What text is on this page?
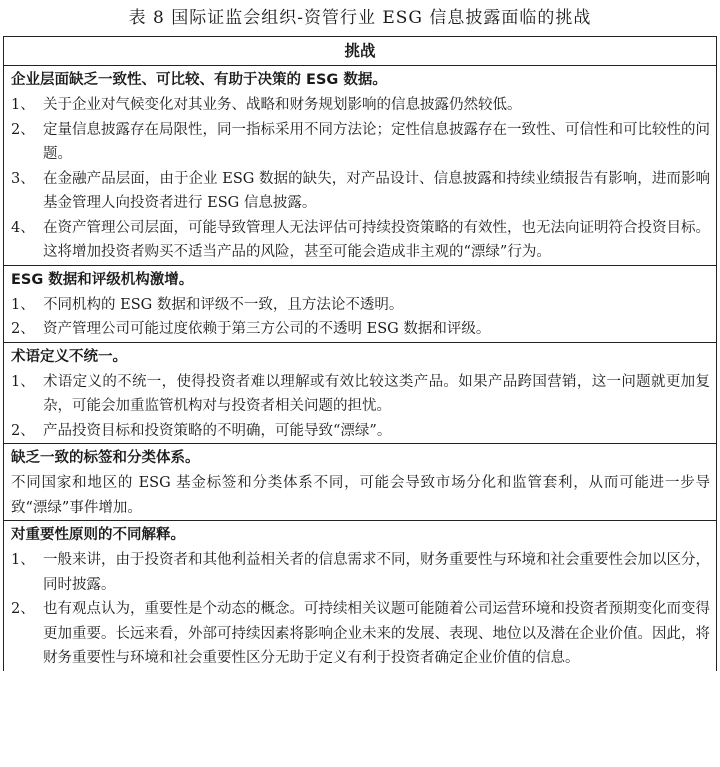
表 8 国际证监会组织-资管行业 ESG 信息披露面临的挑战
挑战
企业层面缺乏一致性、可比较、有助于决策的 ESG 数据。
1、 关于企业对气候变化对其业务、战略和财务规划影响的信息披露仍然较低。
2、 定量信息披露存在局限性，同一指标采用不同方法论；定性信息披露存在一致性、可信性和可比较性的问题。
3、 在金融产品层面，由于企业 ESG 数据的缺失，对产品设计、信息披露和持续业绩报告有影响，进而影响基金管理人向投资者进行 ESG 信息披露。
4、 在资产管理公司层面，可能导致管理人无法评估可持续投资策略的有效性，也无法向证明符合投资目标。这将增加投资者购买不适当产品的风险，甚至可能会造成非主观的“漂绿”行为。
ESG 数据和评级机构激增。
1、 不同机构的 ESG 数据和评级不一致，且方法论不透明。
2、 资产管理公司可能过度依赖于第三方公司的不透明 ESG 数据和评级。
术语定义不统一。
1、 术语定义的不统一，使得投资者难以理解或有效比较这类产品。如果产品跨国营销，这一问题就更加复杂，可能会加重监管机构对与投资者相关问题的担忧。
2、 产品投资目标和投资策略的不明确，可能导致“漂绿”。
缺乏一致的标签和分类体系。
不同国家和地区的 ESG 基金标签和分类体系不同，可能会导致市场分化和监管套利，从而可能进一步导致“漂绿”事件增加。
对重要性原则的不同解释。
1、 一般来讲，由于投资者和其他利益相关者的信息需求不同，财务重要性与环境和社会重要性会加以区分，同时披露。
2、 也有观点认为，重要性是个动态的概念。可持续相关议题可能随着公司运营环境和投资者预期变化而变得更加重要。长远来看，外部可持续因素将影响企业未来的发展、表现、地位以及潜在企业价值。因此，将财务重要性与环境和社会重要性区分无助于定义有利于投资者确定企业价值的信息。
